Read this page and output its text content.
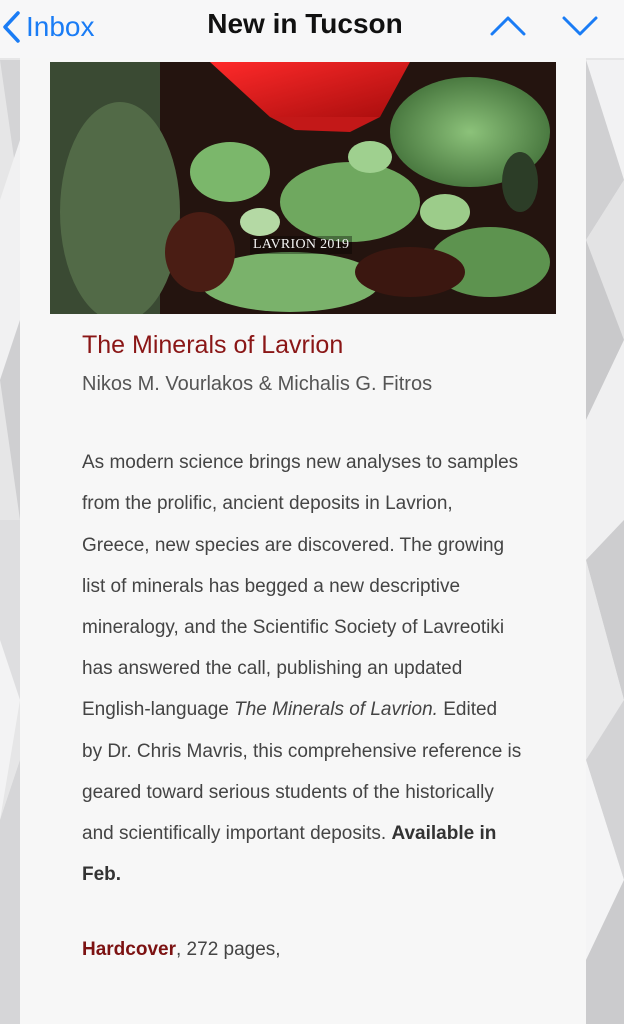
Inbox	New in Tucson
LAVRION 2019
The Minerals of Lavrion
Nikos M. Vourlakos & Michalis G. Fitros

As modern science brings new analyses to samples from the prolific, ancient deposits in Lavrion, Greece, new species are discovered. The growing list of minerals has begged a new descriptive mineralogy, and the Scientific Society of Lavreotiki has answered the call, publishing an updated English-language The Minerals of Lavrion. Edited by Dr. Chris Mavris, this comprehensive reference is geared toward serious students of the historically and scientifically important deposits. Available in Feb.

Hardcover, 272 pages,
